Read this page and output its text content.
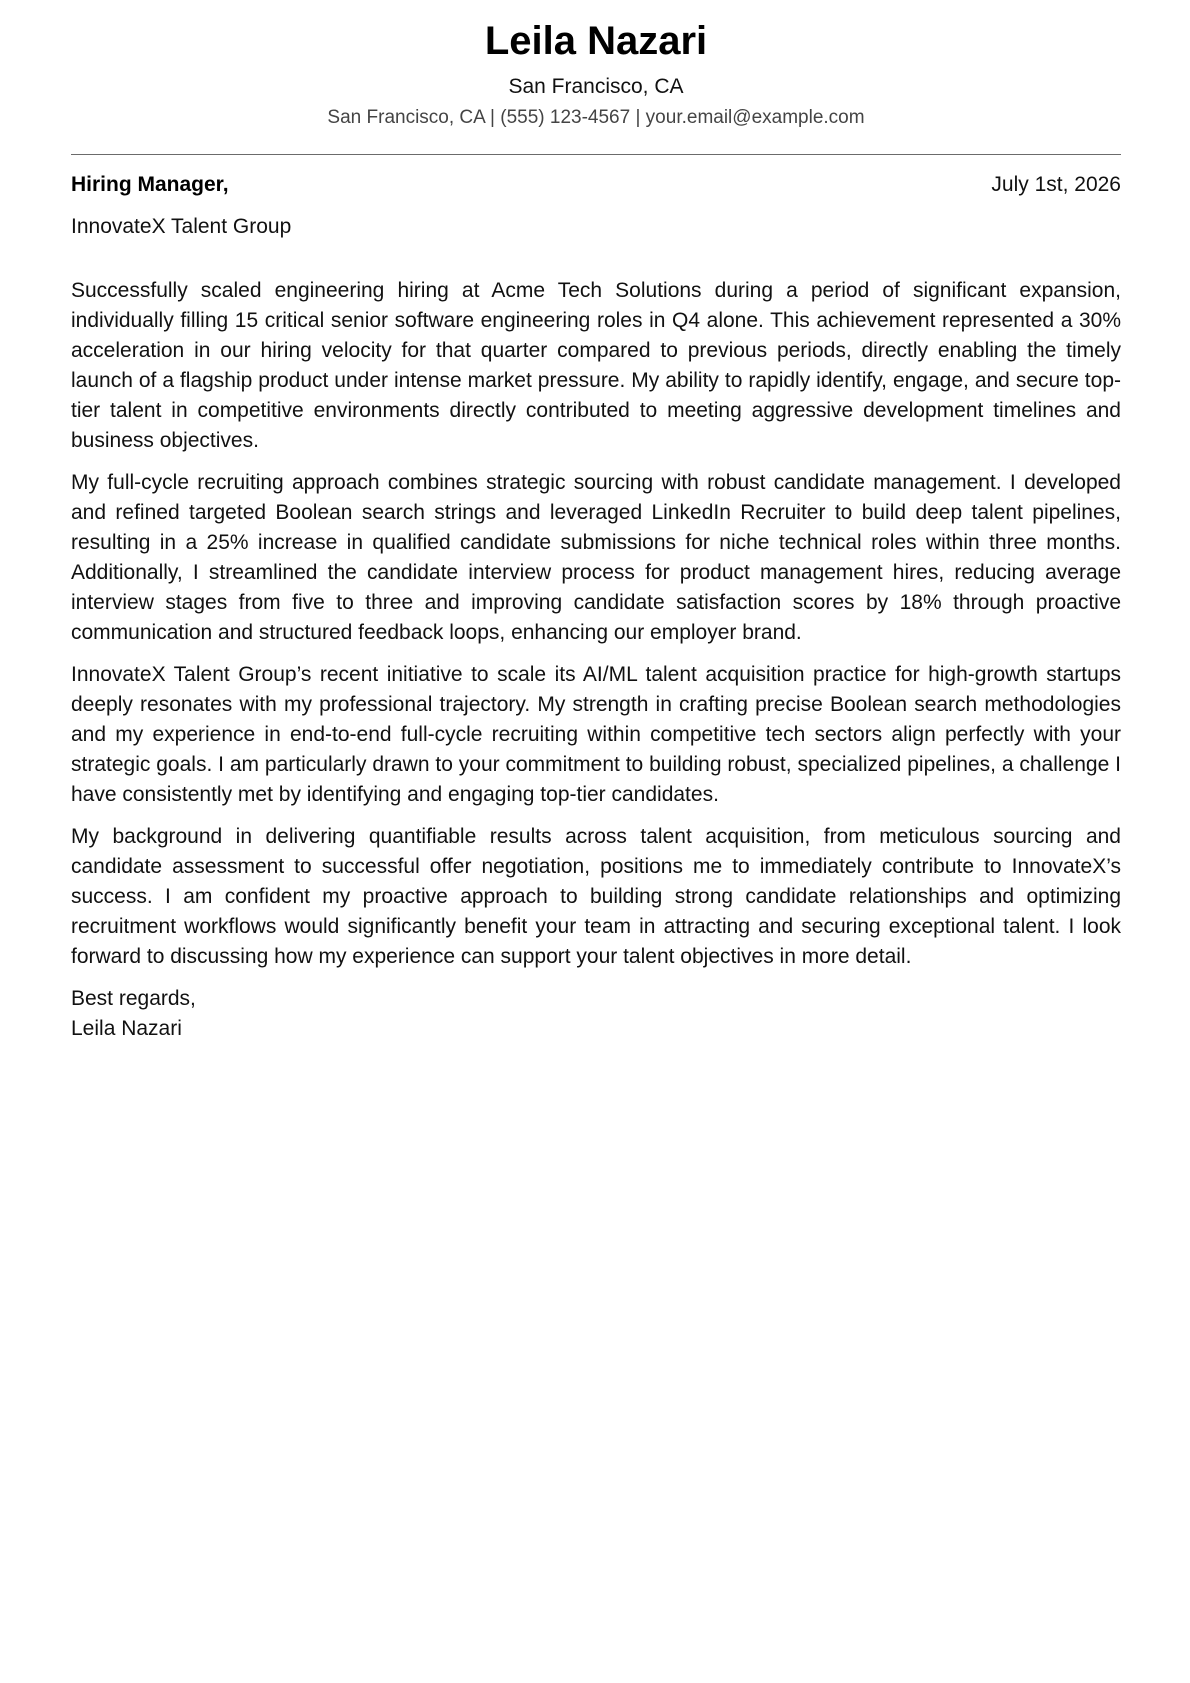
Leila Nazari
San Francisco, CA
San Francisco, CA | (555) 123-4567 | your.email@example.com
Hiring Manager,	July 1st, 2026
InnovateX Talent Group

Successfully scaled engineering hiring at Acme Tech Solutions during a period of significant expansion, individually filling 15 critical senior software engineering roles in Q4 alone. This achievement represented a 30% acceleration in our hiring velocity for that quarter compared to previous periods, directly enabling the timely launch of a flagship product under intense market pressure. My ability to rapidly identify, engage, and secure top-tier talent in competitive environments directly contributed to meeting aggressive development timelines and business objectives.

My full-cycle recruiting approach combines strategic sourcing with robust candidate management. I developed and refined targeted Boolean search strings and leveraged LinkedIn Recruiter to build deep talent pipelines, resulting in a 25% increase in qualified candidate submissions for niche technical roles within three months. Additionally, I streamlined the candidate interview process for product management hires, reducing average interview stages from five to three and improving candidate satisfaction scores by 18% through proactive communication and structured feedback loops, enhancing our employer brand.

InnovateX Talent Group’s recent initiative to scale its AI/ML talent acquisition practice for high-growth startups deeply resonates with my professional trajectory. My strength in crafting precise Boolean search methodologies and my experience in end-to-end full-cycle recruiting within competitive tech sectors align perfectly with your strategic goals. I am particularly drawn to your commitment to building robust, specialized pipelines, a challenge I have consistently met by identifying and engaging top-tier candidates.

My background in delivering quantifiable results across talent acquisition, from meticulous sourcing and candidate assessment to successful offer negotiation, positions me to immediately contribute to InnovateX’s success. I am confident my proactive approach to building strong candidate relationships and optimizing recruitment workflows would significantly benefit your team in attracting and securing exceptional talent. I look forward to discussing how my experience can support your talent objectives in more detail.

Best regards,
Leila Nazari
